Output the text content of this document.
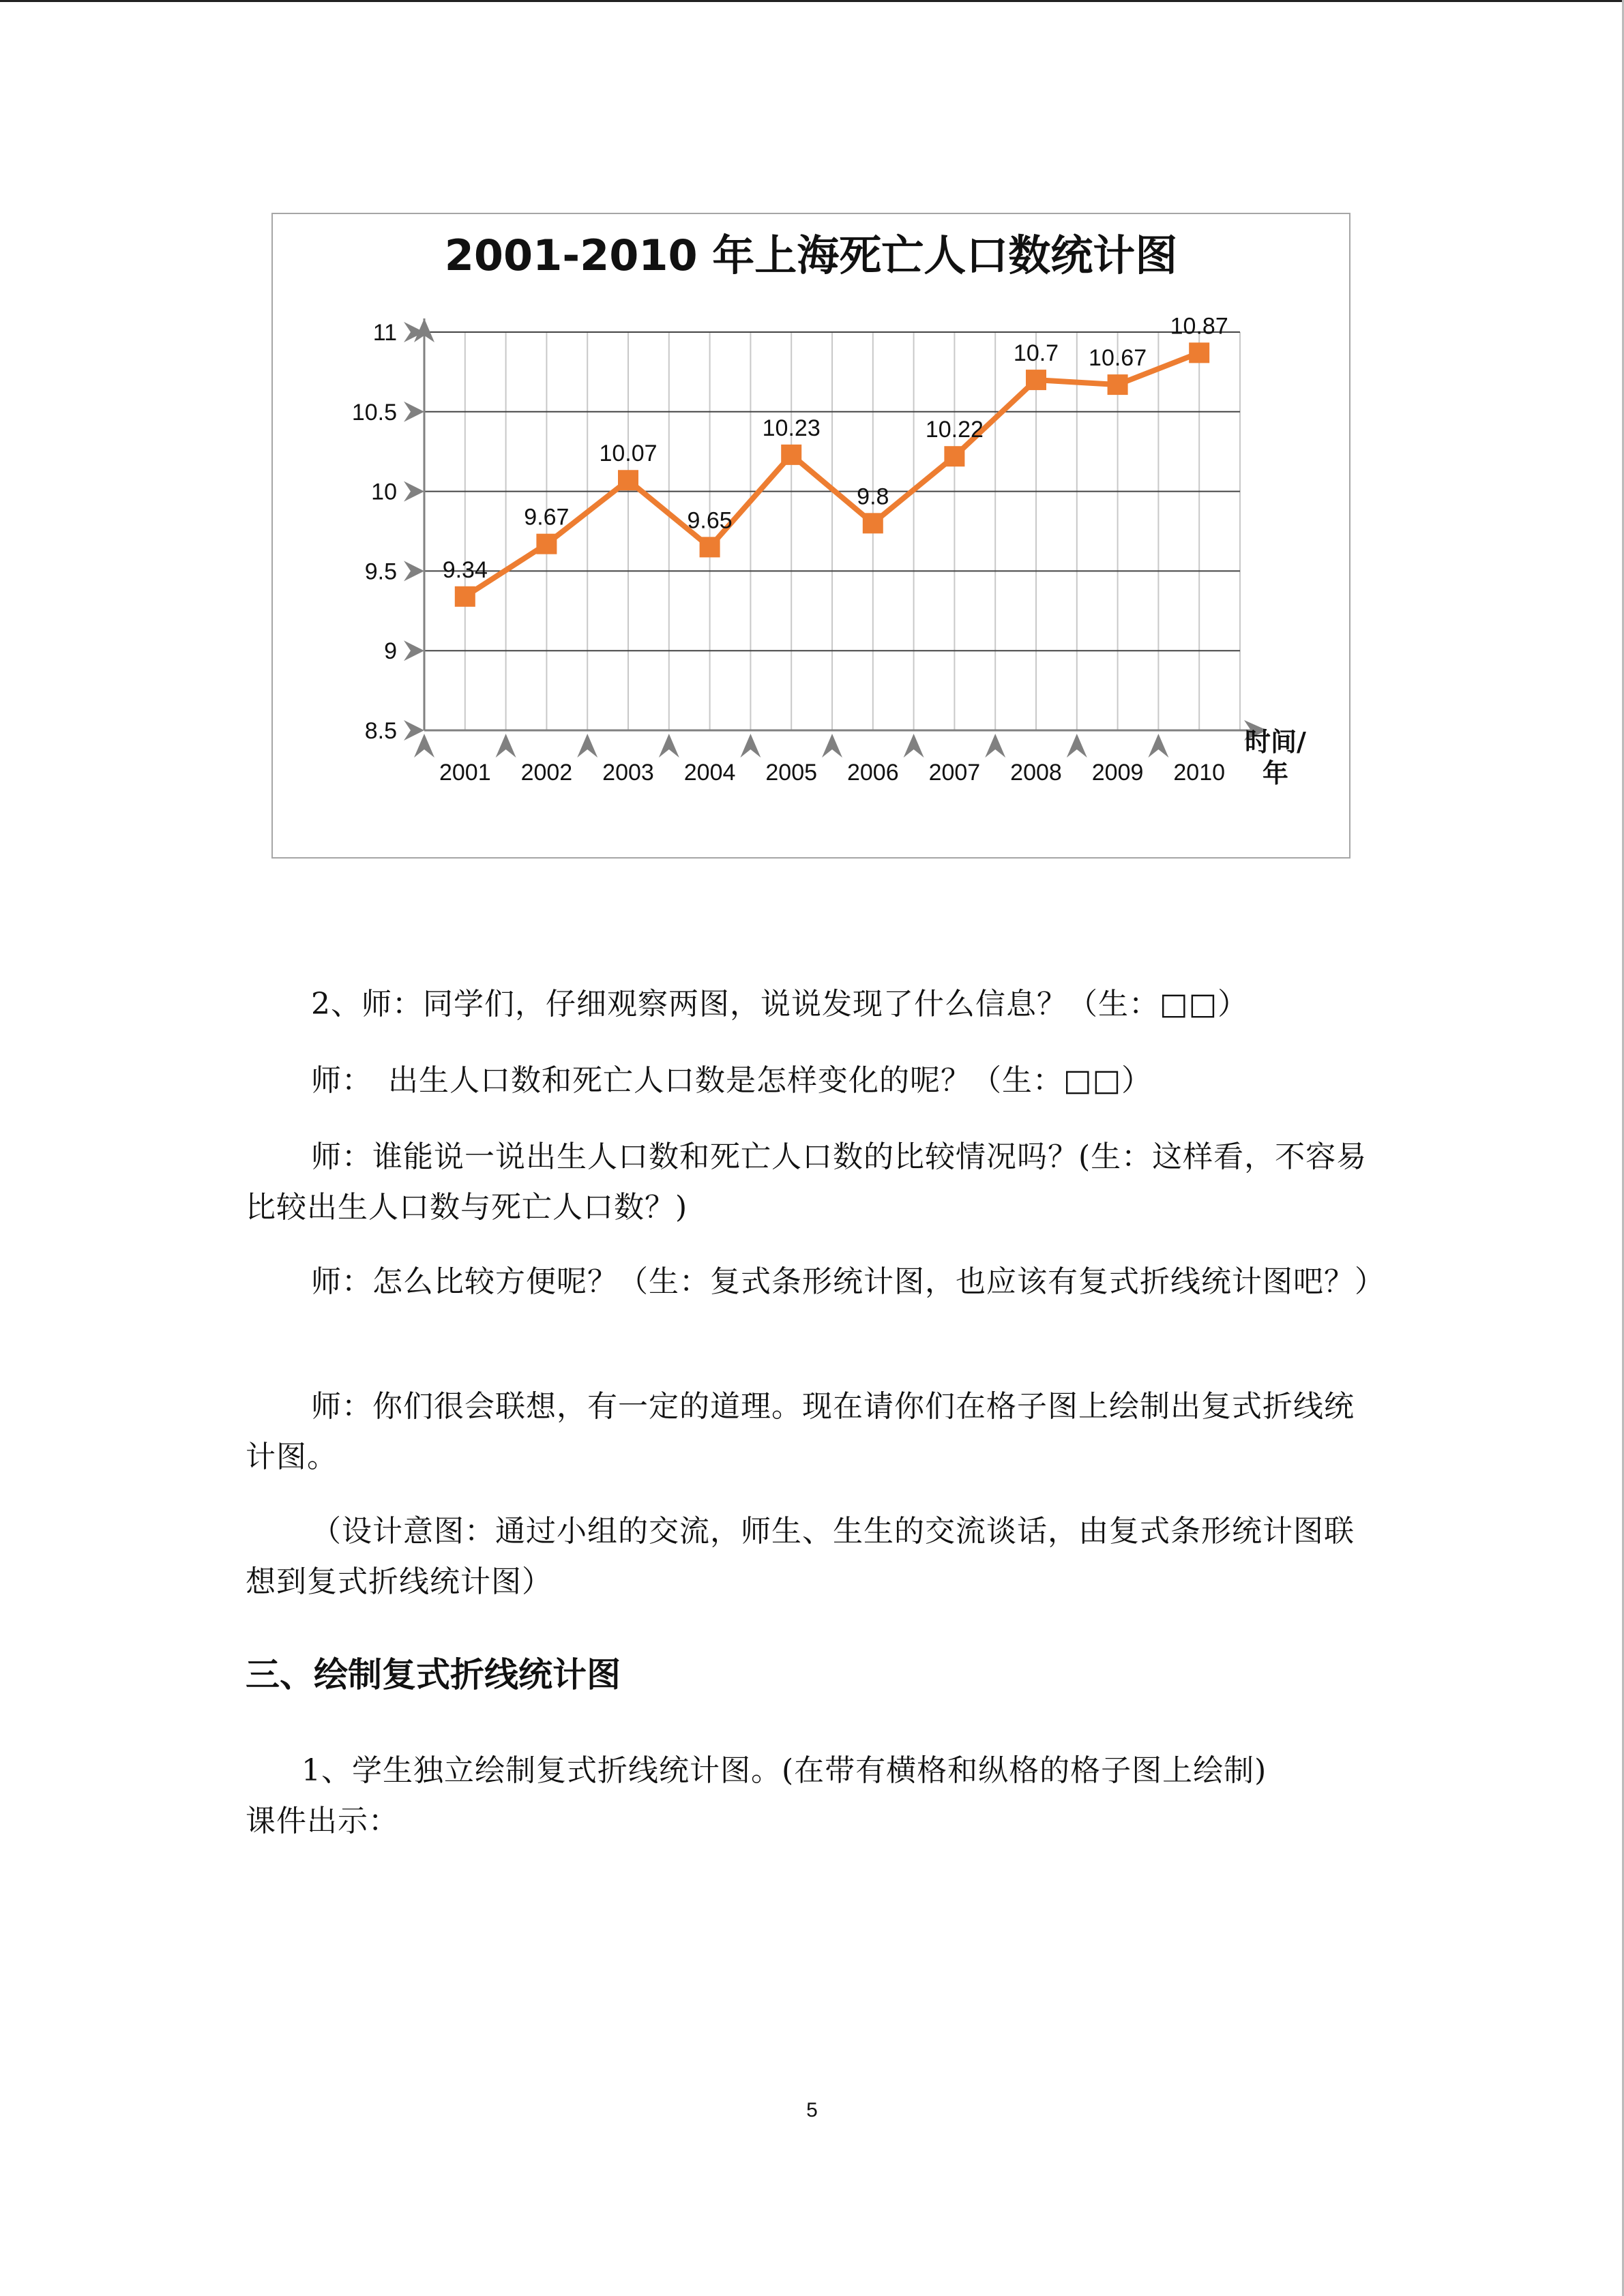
2001-2010 年上海死亡人口数统计图
8.5
9
9.5
10
10.5
11
2001 2002 2003 2004 2005 2006 2007 2008 2009 2010
时间/年
9.34
9.67
10.07
9.65
10.23
9.8
10.22
10.7 10.67
10.87

2、师：同学们，仔细观察两图，说说发现了什么信息？（生：□□）

师：　出生人口数和死亡人口数是怎样变化的呢？（生：□□）

师：谁能说一说出生人口数和死亡人口数的比较情况吗？(生：这样看，不容易比较出生人口数与死亡人口数？)

师：怎么比较方便呢？（生：复式条形统计图，也应该有复式折线统计图吧？）

师：你们很会联想，有一定的道理。现在请你们在格子图上绘制出复式折线统计图。

（设计意图：通过小组的交流，师生、生生的交流谈话，由复式条形统计图联想到复式折线统计图）

三、绘制复式折线统计图

1、学生独立绘制复式折线统计图。(在带有横格和纵格的格子图上绘制)

课件出示：

5
